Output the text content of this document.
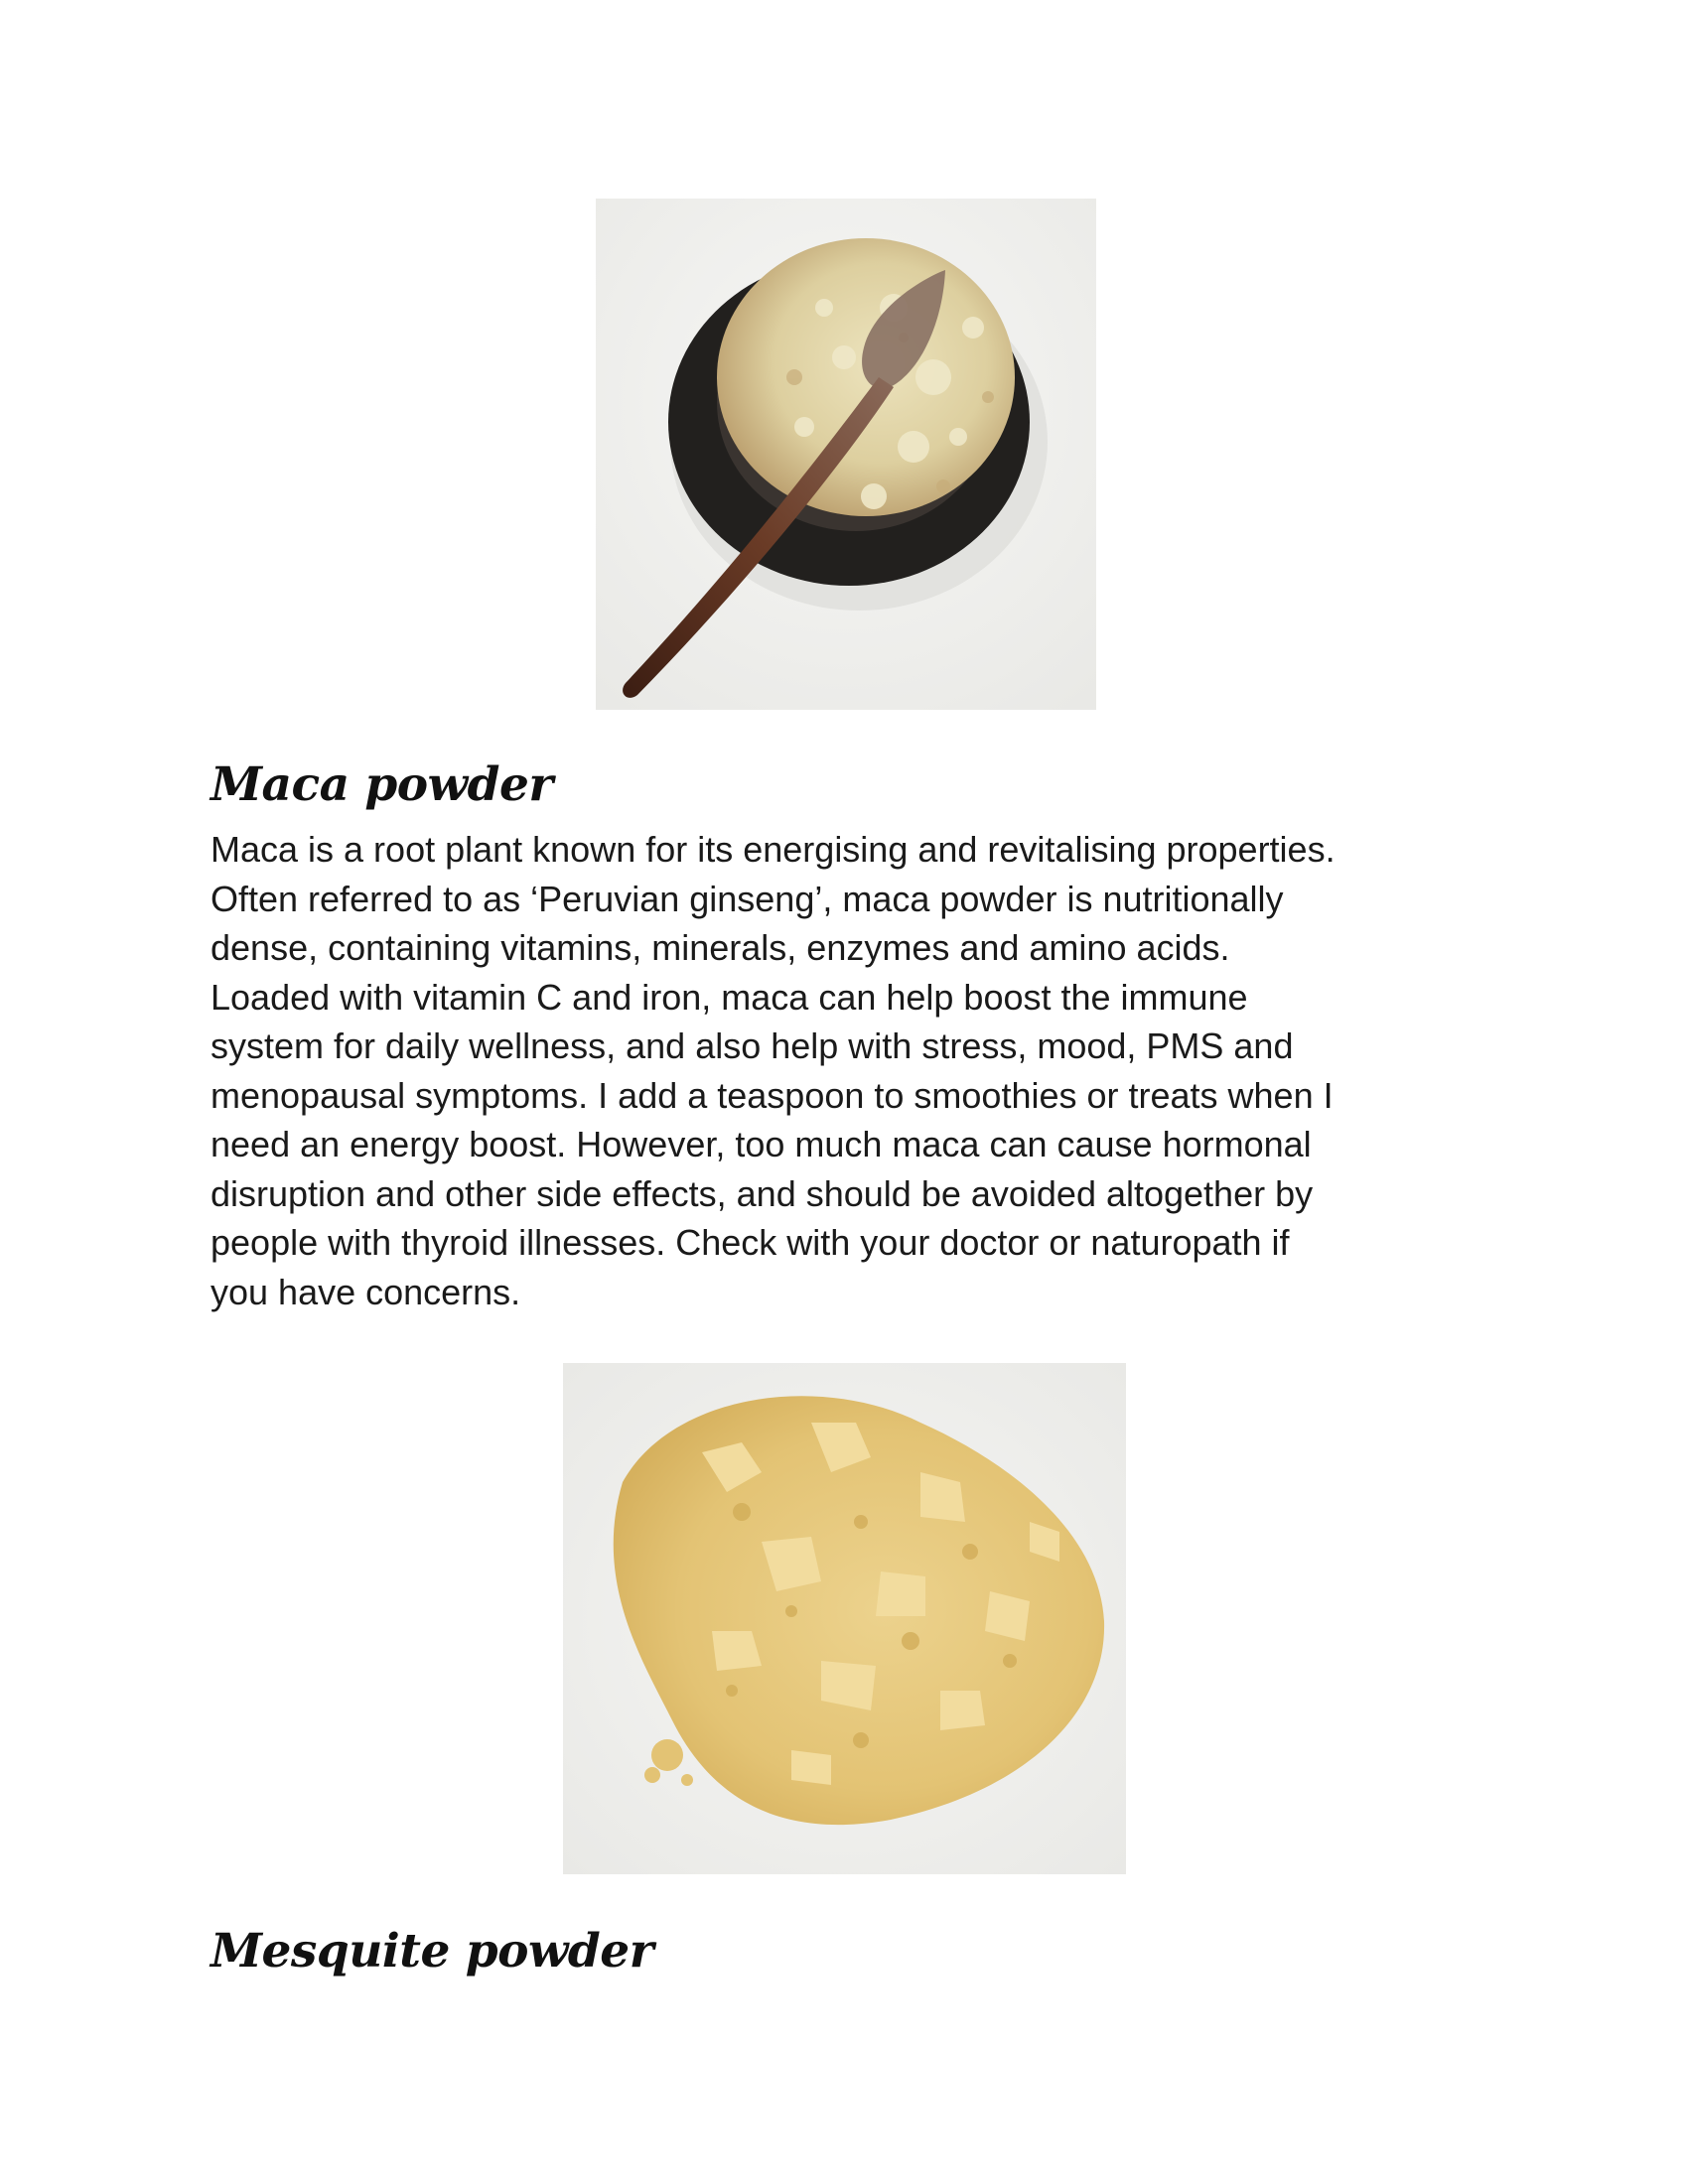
Maca powder

Maca is a root plant known for its energising and revitalising properties.
Often referred to as ‘Peruvian ginseng’, maca powder is nutritionally
dense, containing vitamins, minerals, enzymes and amino acids.
Loaded with vitamin C and iron, maca can help boost the immune
system for daily wellness, and also help with stress, mood, PMS and
menopausal symptoms. I add a teaspoon to smoothies or treats when I
need an energy boost. However, too much maca can cause hormonal
disruption and other side effects, and should be avoided altogether by
people with thyroid illnesses. Check with your doctor or naturopath if
you have concerns.

Mesquite powder
